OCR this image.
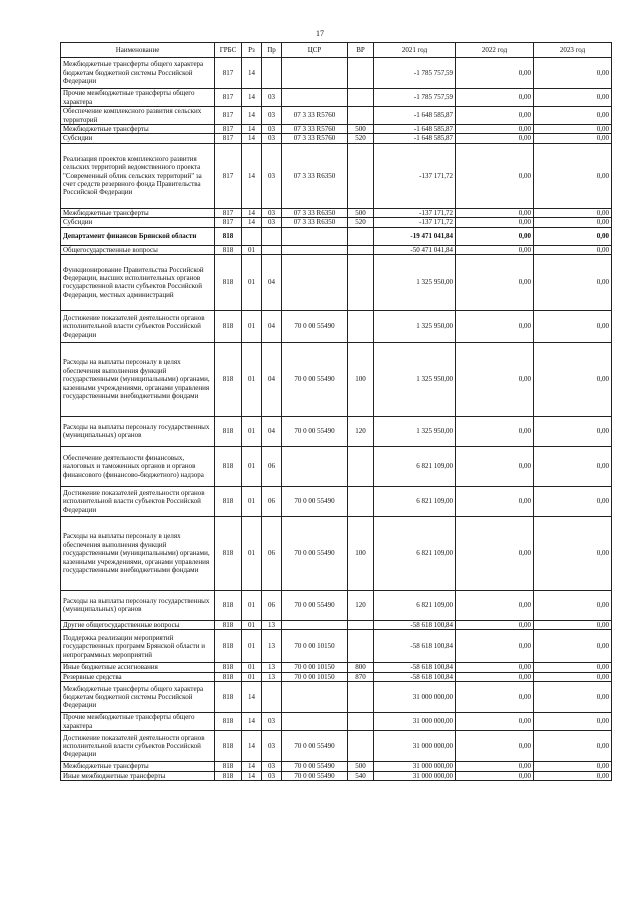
17
Наименование	ГРБС	Рз	Пр	ЦСР	ВР	2021 год	2022 год	2023 год
Межбюджетные трансферты общего характера бюджетам бюджетной системы Российской Федерации	817	14				-1 785 757,59	0,00	0,00
Прочие межбюджетные трансферты общего характера	817	14	03			-1 785 757,59	0,00	0,00
Обеспечение комплексного развития сельских территорий	817	14	03	07 3 33 R5760		-1 648 585,87	0,00	0,00
Межбюджетные трансферты	817	14	03	07 3 33 R5760	500	-1 648 585,87	0,00	0,00
Субсидии	817	14	03	07 3 33 R5760	520	-1 648 585,87	0,00	0,00
Реализация проектов комплексного развития сельских территорий ведомственного проекта "Современный облик сельских территорий" за счет средств резервного фонда Правительства Российской Федерации	817	14	03	07 3 33 R6350		-137 171,72	0,00	0,00
Межбюджетные трансферты	817	14	03	07 3 33 R6350	500	-137 171,72	0,00	0,00
Субсидии	817	14	03	07 3 33 R6350	520	-137 171,72	0,00	0,00
Департамент финансов Брянской области	818					-19 471 041,84	0,00	0,00
Общегосударственные вопросы	818	01				-50 471 041,84	0,00	0,00
Функционирование Правительства Российской Федерации, высших исполнительных органов государственной власти субъектов Российской Федерации, местных администраций	818	01	04			1 325 950,00	0,00	0,00
Достижение показателей деятельности органов исполнительной власти субъектов Российской Федерации	818	01	04	70 0 00 55490		1 325 950,00	0,00	0,00
Расходы на выплаты персоналу в целях обеспечения выполнения функций государственными (муниципальными) органами, казенными учреждениями, органами управления государственными внебюджетными фондами	818	01	04	70 0 00 55490	100	1 325 950,00	0,00	0,00
Расходы на выплаты персоналу государственных (муниципальных) органов	818	01	04	70 0 00 55490	120	1 325 950,00	0,00	0,00
Обеспечение деятельности финансовых, налоговых и таможенных органов и органов финансового (финансово-бюджетного) надзора	818	01	06			6 821 109,00	0,00	0,00
Достижение показателей деятельности органов исполнительной власти субъектов Российской Федерации	818	01	06	70 0 00 55490		6 821 109,00	0,00	0,00
Расходы на выплаты персоналу в целях обеспечения выполнения функций государственными (муниципальными) органами, казенными учреждениями, органами управления государственными внебюджетными фондами	818	01	06	70 0 00 55490	100	6 821 109,00	0,00	0,00
Расходы на выплаты персоналу государственных (муниципальных) органов	818	01	06	70 0 00 55490	120	6 821 109,00	0,00	0,00
Другие общегосударственные вопросы	818	01	13			-58 618 100,84	0,00	0,00
Поддержка реализации мероприятий государственных программ Брянской области и непрограммных мероприятий	818	01	13	70 0 00 10150		-58 618 100,84	0,00	0,00
Иные бюджетные ассигнования	818	01	13	70 0 00 10150	800	-58 618 100,84	0,00	0,00
Резервные средства	818	01	13	70 0 00 10150	870	-58 618 100,84	0,00	0,00
Межбюджетные трансферты общего характера бюджетам бюджетной системы Российской Федерации	818	14				31 000 000,00	0,00	0,00
Прочие межбюджетные трансферты общего характера	818	14	03			31 000 000,00	0,00	0,00
Достижение показателей деятельности органов исполнительной власти субъектов Российской Федерации	818	14	03	70 0 00 55490		31 000 000,00	0,00	0,00
Межбюджетные трансферты	818	14	03	70 0 00 55490	500	31 000 000,00	0,00	0,00
Иные межбюджетные трансферты	818	14	03	70 0 00 55490	540	31 000 000,00	0,00	0,00
